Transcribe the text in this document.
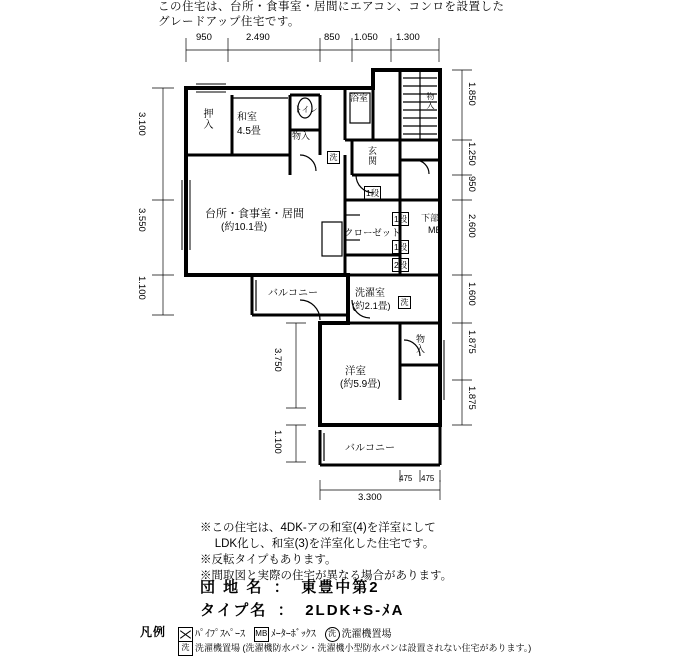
この住宅は、台所・食事室・居間にエアコン、コンロを設置した
グレードアップ住宅です。
950	2.490	850 1.050 1.300
3.100
3.550
1.100
1.850
1.250
950
2.600
1.600
1.875
1.875
3.750
1.100
3.300
475 475
押入	和室
4.5畳	物入
トイレ
浴室	物入
玄関
台所・食事室・居間
(約10.1畳)
クローゼット
下部
MB
バルコニー	洗濯室
(約2.1畳)
洋室
(約5.9畳)
物入
バルコニー
1段
1段
1段
2段
洗
洗
※この住宅は、4DK-アの和室(4)を洋室にして
　 LDK化し、和室(3)を洋室化した住宅です。
※反転タイプもあります。
※間取図と実際の住宅が異なる場合があります。
団 地 名 ： 東豊中第2
タイプ名 ： 2LDK+S-ﾒA
凡例	ﾊﾟｲﾌﾟｽﾍﾟｰｽ MB ﾒｰﾀｰﾎﾞｯｸｽ 洗 洗濯機置場
洗 洗濯機置場 (洗濯機防水パン・洗濯機小型防水パンは設置されない住宅があります。)
